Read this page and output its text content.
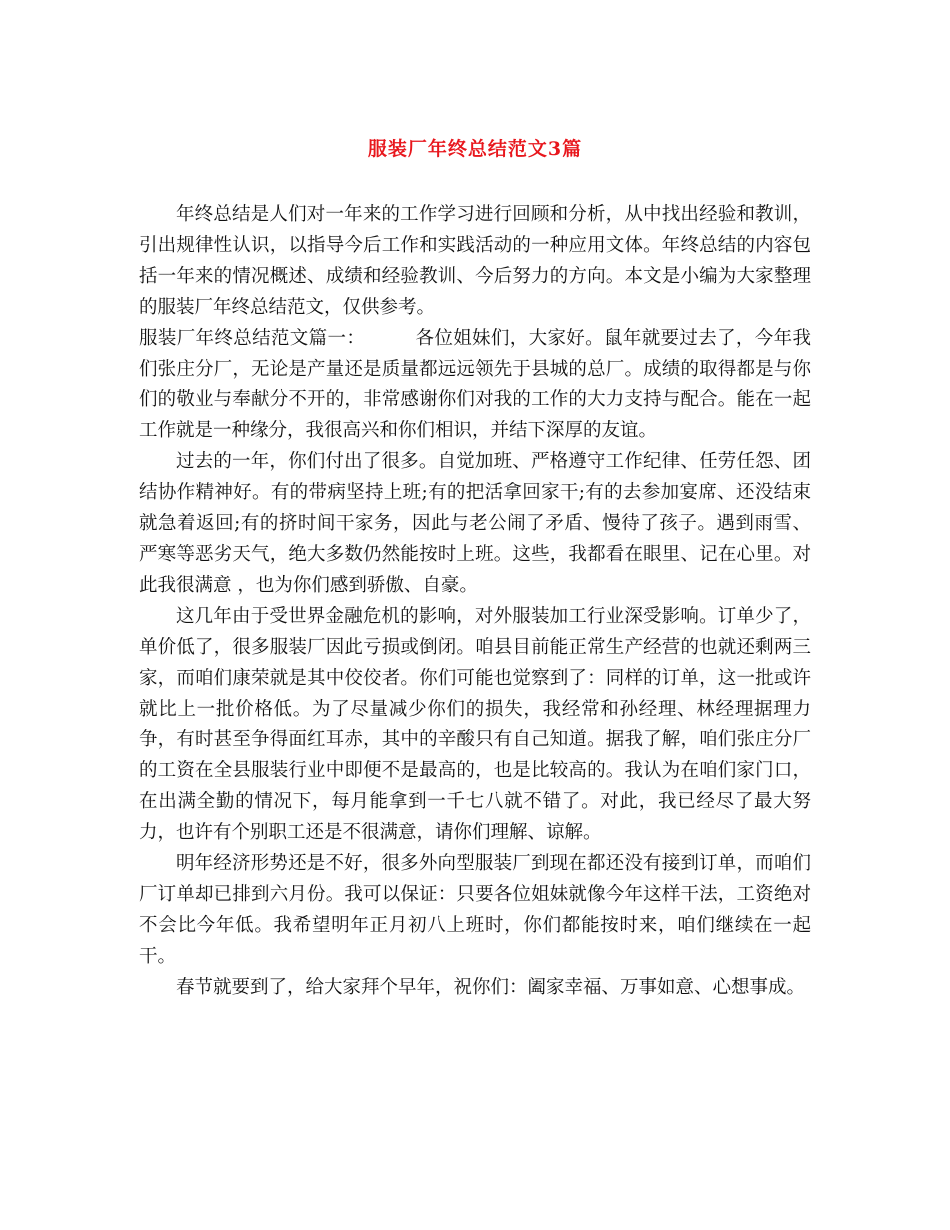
服装厂年终总结范文3篇

年终总结是人们对一年来的工作学习进行回顾和分析，从中找出经验和教训，引出规律性认识，以指导今后工作和实践活动的一种应用文体。年终总结的内容包括一年来的情况概述、成绩和经验教训、今后努力的方向。本文是小编为大家整理的服装厂年终总结范文，仅供参考。

服装厂年终总结范文篇一：	各位姐妹们，大家好。鼠年就要过去了，今年我们张庄分厂，无论是产量还是质量都远远领先于县城的总厂。成绩的取得都是与你们的敬业与奉献分不开的，非常感谢你们对我的工作的大力支持与配合。能在一起工作就是一种缘分，我很高兴和你们相识，并结下深厚的友谊。

过去的一年，你们付出了很多。自觉加班、严格遵守工作纪律、任劳任怨、团结协作精神好。有的带病坚持上班;有的把活拿回家干;有的去参加宴席、还没结束就急着返回;有的挤时间干家务，因此与老公闹了矛盾、慢待了孩子。遇到雨雪、严寒等恶劣天气，绝大多数仍然能按时上班。这些，我都看在眼里、记在心里。对此我很满意 ，也为你们感到骄傲、自豪。

这几年由于受世界金融危机的影响，对外服装加工行业深受影响。订单少了，单价低了，很多服装厂因此亏损或倒闭。咱县目前能正常生产经营的也就还剩两三家，而咱们康荣就是其中佼佼者。你们可能也觉察到了：同样的订单，这一批或许就比上一批价格低。为了尽量减少你们的损失，我经常和孙经理、林经理据理力争，有时甚至争得面红耳赤，其中的辛酸只有自己知道。据我了解，咱们张庄分厂的工资在全县服装行业中即便不是最高的，也是比较高的。我认为在咱们家门口，在出满全勤的情况下，每月能拿到一千七八就不错了。对此，我已经尽了最大努力，也许有个别职工还是不很满意，请你们理解、谅解。

明年经济形势还是不好，很多外向型服装厂到现在都还没有接到订单，而咱们厂订单却已排到六月份。我可以保证：只要各位姐妹就像今年这样干法，工资绝对不会比今年低。我希望明年正月初八上班时，你们都能按时来，咱们继续在一起干。

春节就要到了，给大家拜个早年，祝你们：阖家幸福、万事如意、心想事成。
